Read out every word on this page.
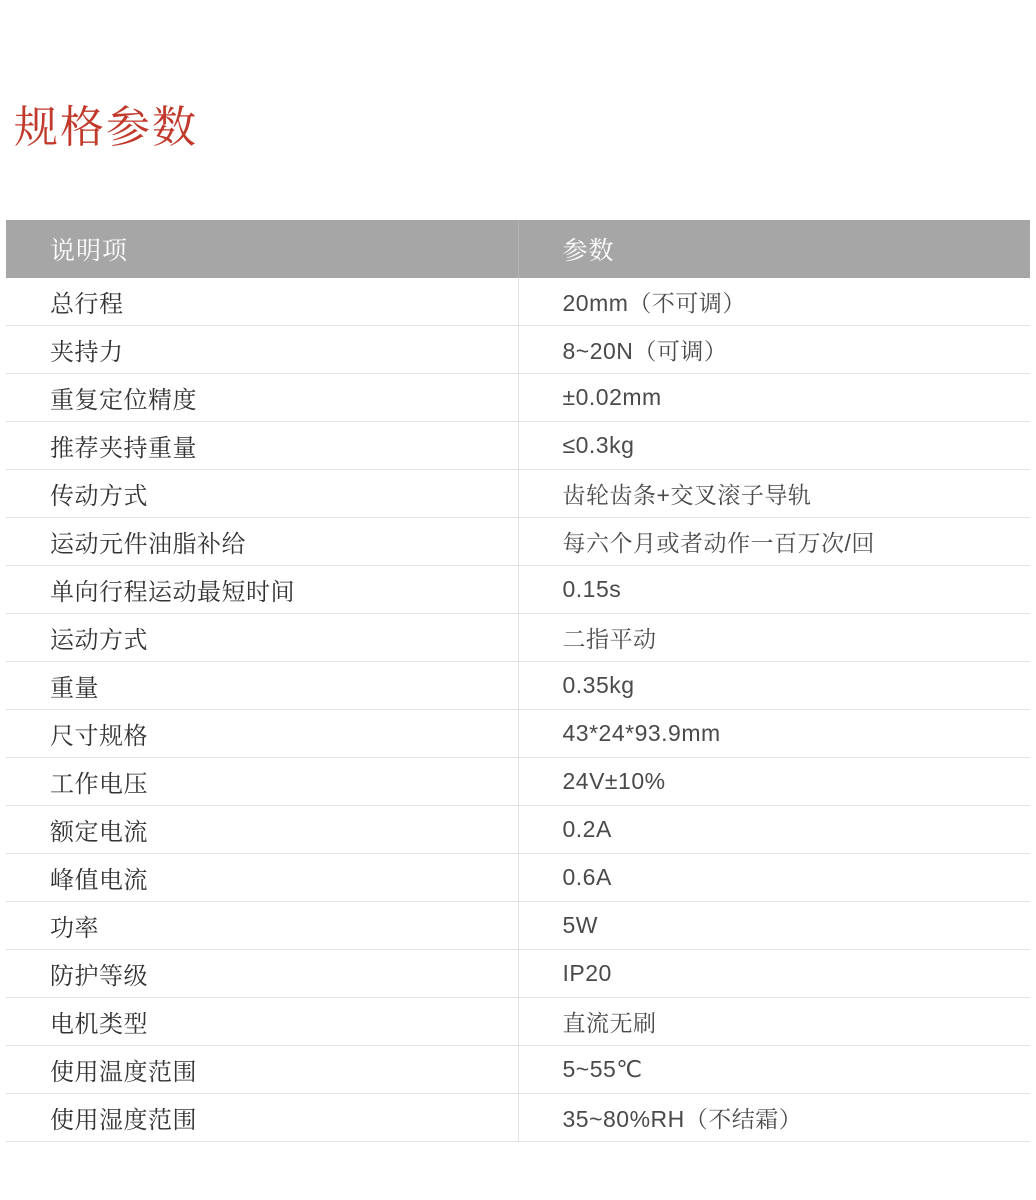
规格参数
说明项	参数
总行程	20mm（不可调）
夹持力	8~20N（可调）
重复定位精度	±0.02mm
推荐夹持重量	≤0.3kg
传动方式	齿轮齿条+交叉滚子导轨
运动元件油脂补给	每六个月或者动作一百万次/回
单向行程运动最短时间	0.15s
运动方式	二指平动
重量	0.35kg
尺寸规格	43*24*93.9mm
工作电压	24V±10%
额定电流	0.2A
峰值电流	0.6A
功率	5W
防护等级	IP20
电机类型	直流无刷
使用温度范围	5~55℃
使用湿度范围	35~80%RH（不结霜）
